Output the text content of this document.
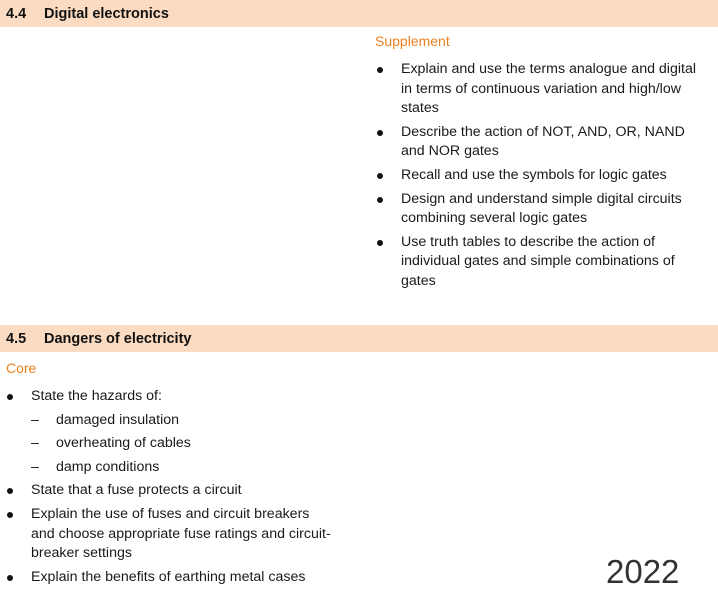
4.4	Digital electronics
Supplement
Explain and use the terms analogue and digital in terms of continuous variation and high/low states
Describe the action of NOT, AND, OR, NAND and NOR gates
Recall and use the symbols for logic gates
Design and understand simple digital circuits combining several logic gates
Use truth tables to describe the action of individual gates and simple combinations of gates
4.5	Dangers of electricity
Core
State the hazards of:
– damaged insulation
– overheating of cables
– damp conditions
State that a fuse protects a circuit
Explain the use of fuses and circuit breakers and choose appropriate fuse ratings and circuit-breaker settings
Explain the benefits of earthing metal cases	2022
